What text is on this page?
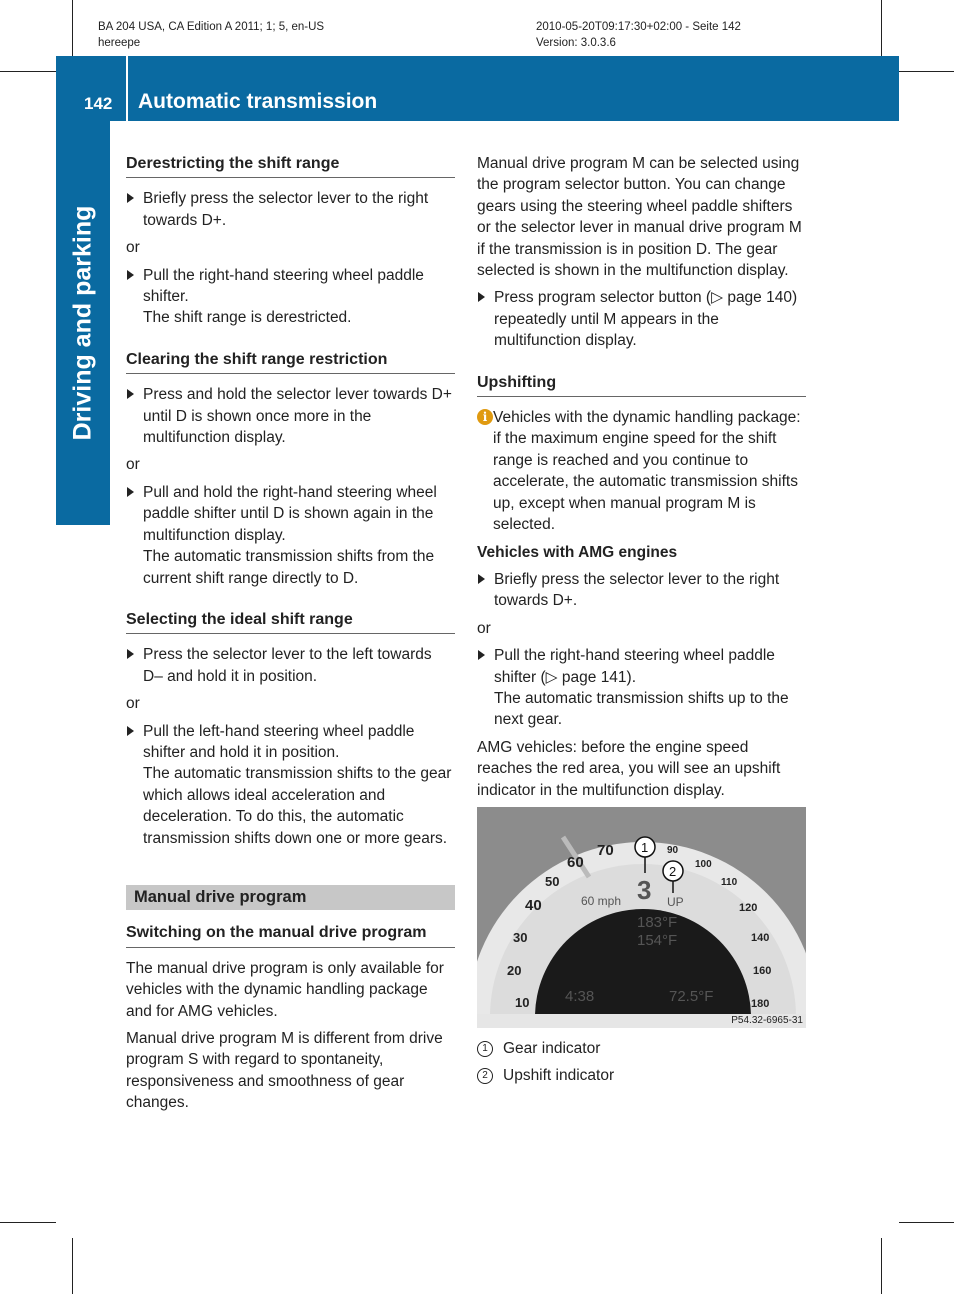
BA 204 USA, CA Edition A 2011; 1; 5, en-US
hereepe
2010-05-20T09:17:30+02:00 - Seite 142
Version: 3.0.3.6
142 Automatic transmission
Driving and parking
Derestricting the shift range
Briefly press the selector lever to the right towards D+.
or
Pull the right-hand steering wheel paddle shifter.
The shift range is derestricted.
Clearing the shift range restriction
Press and hold the selector lever towards D+ until D is shown once more in the multifunction display.
or
Pull and hold the right-hand steering wheel paddle shifter until D is shown again in the multifunction display.
The automatic transmission shifts from the current shift range directly to D.
Selecting the ideal shift range
Press the selector lever to the left towards D– and hold it in position.
or
Pull the left-hand steering wheel paddle shifter and hold it in position.
The automatic transmission shifts to the gear which allows ideal acceleration and deceleration. To do this, the automatic transmission shifts down one or more gears.
Manual drive program
Switching on the manual drive program

The manual drive program is only available for vehicles with the dynamic handling package and for AMG vehicles.

Manual drive program M is different from drive program S with regard to spontaneity, responsiveness and smoothness of gear changes.

Manual drive program M can be selected using the program selector button. You can change gears using the steering wheel paddle shifters or the selector lever in manual drive program M if the transmission is in position D. The gear selected is shown in the multifunction display.

Press program selector button (▷ page 140) repeatedly until M appears in the multifunction display.
Upshifting
i Vehicles with the dynamic handling package: if the maximum engine speed for the shift range is reached and you continue to accelerate, the automatic transmission shifts up, except when manual program M is selected.
Vehicles with AMG engines
Briefly press the selector lever to the right towards D+.
or
Pull the right-hand steering wheel paddle shifter (▷ page 141).
The automatic transmission shifts up to the next gear.

AMG vehicles: before the engine speed reaches the red area, you will see an upshift indicator in the multifunction display.

10
20
30
40
50
60
70	90
100
110
120
140
160
180
60 mph 3 UP
183°F
154°F
4:38	72.5°F
1
2
P54.32-6965-31
1 Gear indicator
2 Upshift indicator
